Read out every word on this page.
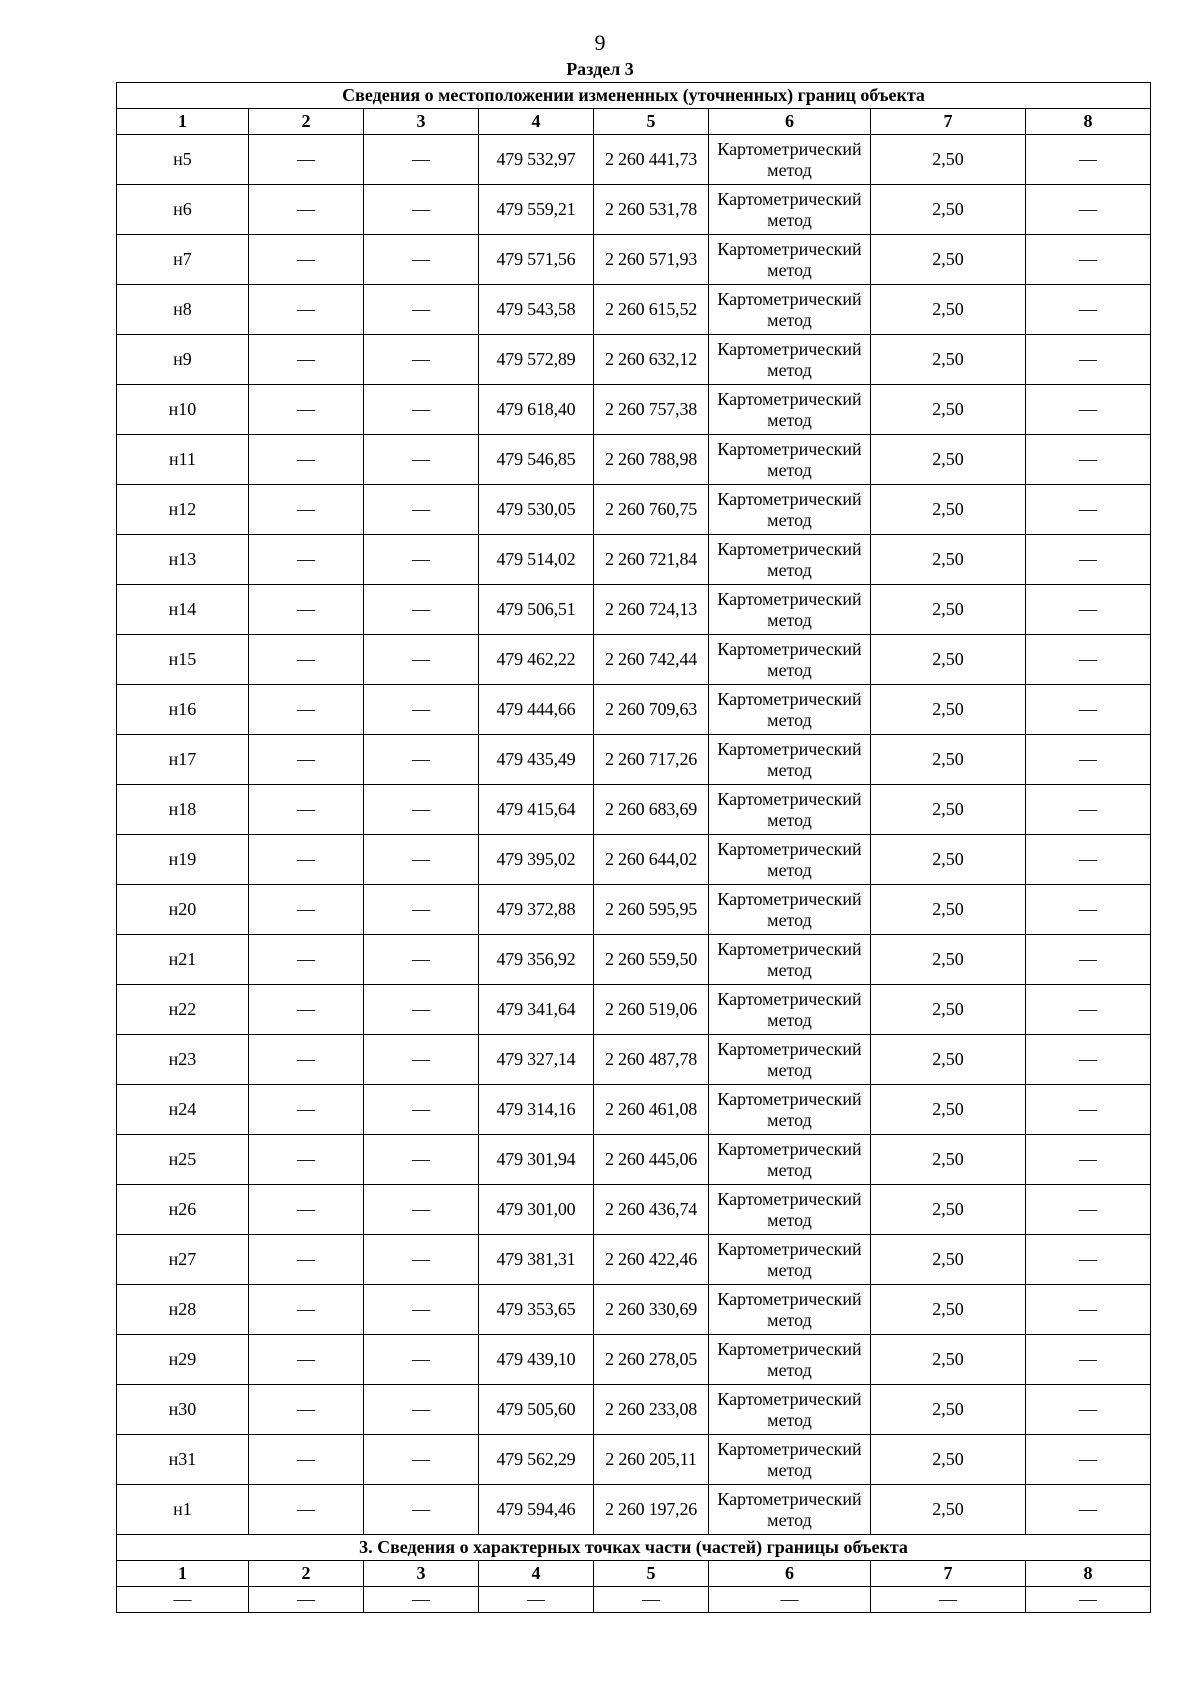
9
Раздел 3
Сведения о местоположении измененных (уточненных) границ объекта							
1	2	3	4	5	6	7	8
н5	—	—	479 532,97	2 260 441,73	Картометрический метод	2,50	—
н6	—	—	479 559,21	2 260 531,78	Картометрический метод	2,50	—
н7	—	—	479 571,56	2 260 571,93	Картометрический метод	2,50	—
н8	—	—	479 543,58	2 260 615,52	Картометрический метод	2,50	—
н9	—	—	479 572,89	2 260 632,12	Картометрический метод	2,50	—
н10	—	—	479 618,40	2 260 757,38	Картометрический метод	2,50	—
н11	—	—	479 546,85	2 260 788,98	Картометрический метод	2,50	—
н12	—	—	479 530,05	2 260 760,75	Картометрический метод	2,50	—
н13	—	—	479 514,02	2 260 721,84	Картометрический метод	2,50	—
н14	—	—	479 506,51	2 260 724,13	Картометрический метод	2,50	—
н15	—	—	479 462,22	2 260 742,44	Картометрический метод	2,50	—
н16	—	—	479 444,66	2 260 709,63	Картометрический метод	2,50	—
н17	—	—	479 435,49	2 260 717,26	Картометрический метод	2,50	—
н18	—	—	479 415,64	2 260 683,69	Картометрический метод	2,50	—
н19	—	—	479 395,02	2 260 644,02	Картометрический метод	2,50	—
н20	—	—	479 372,88	2 260 595,95	Картометрический метод	2,50	—
н21	—	—	479 356,92	2 260 559,50	Картометрический метод	2,50	—
н22	—	—	479 341,64	2 260 519,06	Картометрический метод	2,50	—
н23	—	—	479 327,14	2 260 487,78	Картометрический метод	2,50	—
н24	—	—	479 314,16	2 260 461,08	Картометрический метод	2,50	—
н25	—	—	479 301,94	2 260 445,06	Картометрический метод	2,50	—
н26	—	—	479 301,00	2 260 436,74	Картометрический метод	2,50	—
н27	—	—	479 381,31	2 260 422,46	Картометрический метод	2,50	—
н28	—	—	479 353,65	2 260 330,69	Картометрический метод	2,50	—
н29	—	—	479 439,10	2 260 278,05	Картометрический метод	2,50	—
н30	—	—	479 505,60	2 260 233,08	Картометрический метод	2,50	—
н31	—	—	479 562,29	2 260 205,11	Картометрический метод	2,50	—
н1	—	—	479 594,46	2 260 197,26	Картометрический метод	2,50	—
3. Сведения о характерных точках части (частей) границы объекта							
1	2	3	4	5	6	7	8
—	—	—	—	—	—	—	—
